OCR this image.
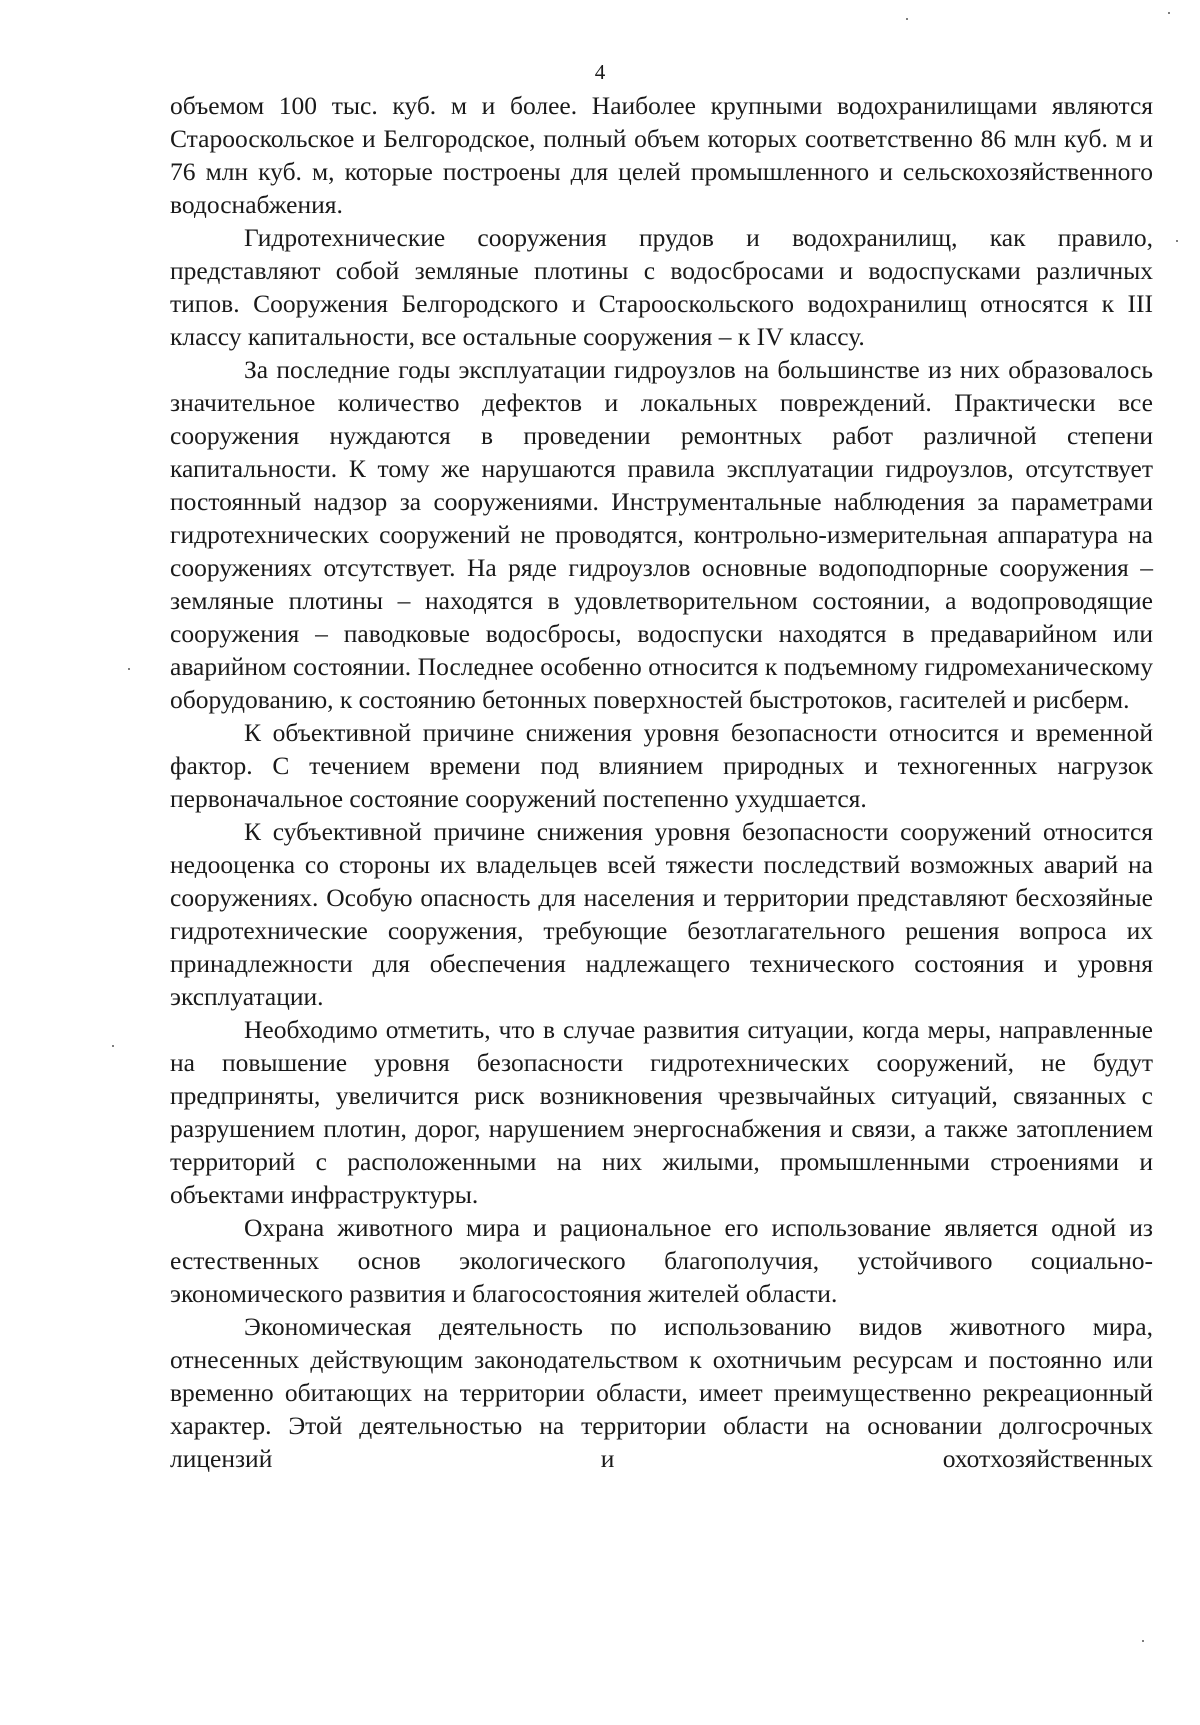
4

объемом 100 тыс. куб. м и более. Наиболее крупными водохранилищами являются Старооскольское и Белгородское, полный объем которых соответственно 86 млн куб. м и 76 млн куб. м, которые построены для целей промышленного и сельскохозяйственного водоснабжения.

Гидротехнические сооружения прудов и водохранилищ, как правило, представляют собой земляные плотины с водосбросами и водоспусками различных типов. Сооружения Белгородского и Старооскольского водохранилищ относятся к III классу капитальности, все остальные сооружения – к IV классу.

За последние годы эксплуатации гидроузлов на большинстве из них образовалось значительное количество дефектов и локальных повреждений. Практически все сооружения нуждаются в проведении ремонтных работ различной степени капитальности. К тому же нарушаются правила эксплуатации гидроузлов, отсутствует постоянный надзор за сооружениями. Инструментальные наблюдения за параметрами гидротехнических сооружений не проводятся, контрольно-измерительная аппаратура на сооружениях отсутствует. На ряде гидроузлов основные водоподпорные сооружения – земляные плотины – находятся в удовлетворительном состоянии, а водопроводящие сооружения – паводковые водосбросы, водоспуски находятся в предаварийном или аварийном состоянии. Последнее особенно относится к подъемному гидромеханическому оборудованию, к состоянию бетонных поверхностей быстротоков, гасителей и рисберм.

К объективной причине снижения уровня безопасности относится и временной фактор. С течением времени под влиянием природных и техногенных нагрузок первоначальное состояние сооружений постепенно ухудшается.

К субъективной причине снижения уровня безопасности сооружений относится недооценка со стороны их владельцев всей тяжести последствий возможных аварий на сооружениях. Особую опасность для населения и территории представляют бесхозяйные гидротехнические сооружения, требующие безотлагательного решения вопроса их принадлежности для обеспечения надлежащего технического состояния и уровня эксплуатации.

Необходимо отметить, что в случае развития ситуации, когда меры, направленные на повышение уровня безопасности гидротехнических сооружений, не будут предприняты, увеличится риск возникновения чрезвычайных ситуаций, связанных с разрушением плотин, дорог, нарушением энергоснабжения и связи, а также затоплением территорий с расположенными на них жилыми, промышленными строениями и объектами инфраструктуры.

Охрана животного мира и рациональное его использование является одной из естественных основ экологического благополучия, устойчивого социально-экономического развития и благосостояния жителей области.

Экономическая деятельность по использованию видов животного мира, отнесенных действующим законодательством к охотничьим ресурсам и постоянно или временно обитающих на территории области, имеет преимущественно рекреационный характер. Этой деятельностью на территории области на основании долгосрочных лицензий и охотхозяйственных
